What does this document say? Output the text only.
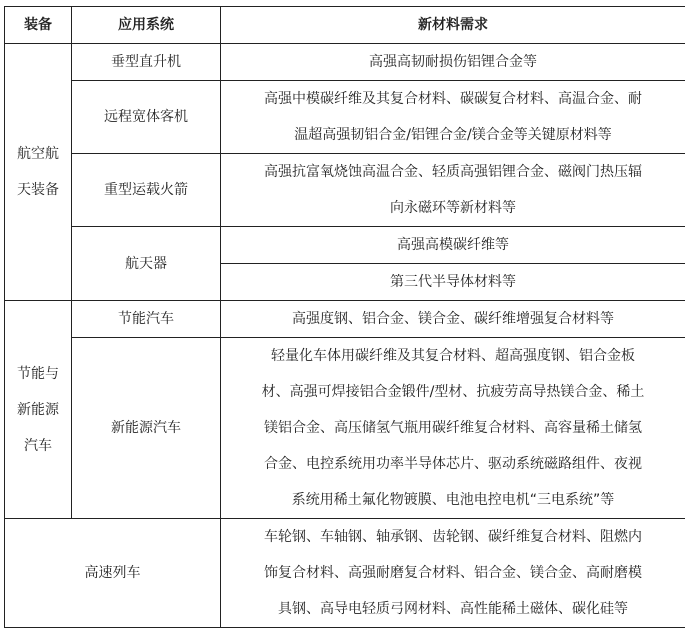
装备	应用系统	新材料需求

航空航
天装备	垂型直升机	高强高韧耐损伤铝锂合金等

	远程宽体客机	高强中模碳纤维及其复合材料、碳碳复合材料、高温合金、耐
温超高强韧铝合金/铝锂合金/镁合金等关键原材料等

	重型运载火箭	高强抗富氧烧蚀高温合金、轻质高强铝锂合金、磁阀门热压辐
向永磁环等新材料等

	航天器	高强高模碳纤维等

		第三代半导体材料等

节能与
新能源
汽车	节能汽车	高强度钢、铝合金、镁合金、碳纤维增强复合材料等

	新能源汽车	轻量化车体用碳纤维及其复合材料、超高强度钢、铝合金板
材、高强可焊接铝合金锻件/型材、抗疲劳高导热镁合金、稀土
镁铝合金、高压储氢气瓶用碳纤维复合材料、高容量稀土储氢
合金、电控系统用功率半导体芯片、驱动系统磁路组件、夜视
系统用稀土氟化物镀膜、电池电控电机“三电系统”等

高速列车		车轮钢、车轴钢、轴承钢、齿轮钢、碳纤维复合材料、阻燃内
饰复合材料、高强耐磨复合材料、铝合金、镁合金、高耐磨模
具钢、高导电轻质弓网材料、高性能稀土磁体、碳化硅等
